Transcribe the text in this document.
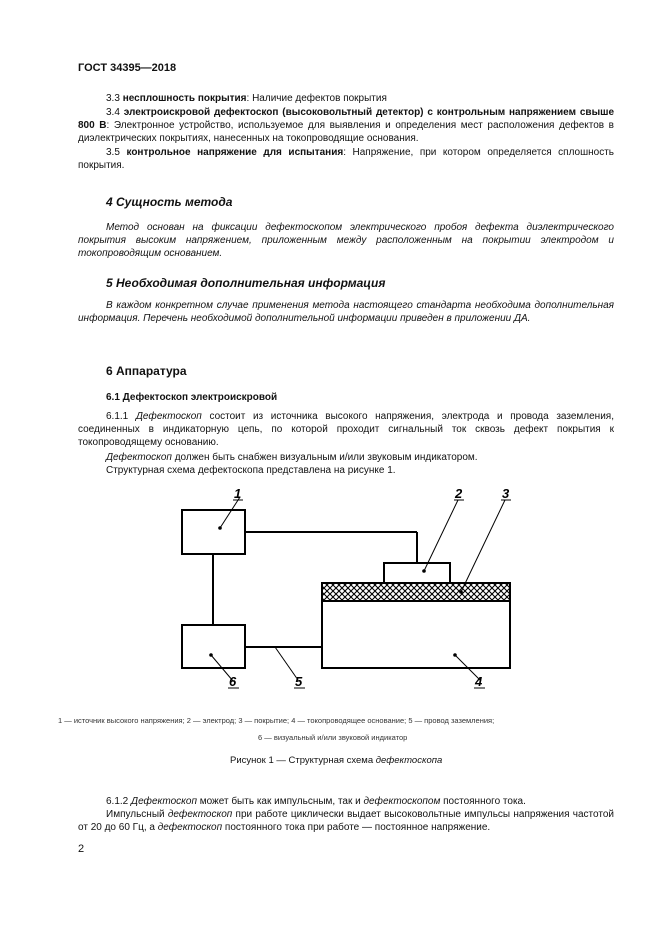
ГОСТ 34395—2018
3.3 несплошность покрытия: Наличие дефектов покрытия
3.4 электроискровой дефектоскоп (высоковольтный детектор) с контрольным напряжением свыше 800 В: Электронное устройство, используемое для выявления и определения мест расположения дефектов в диэлектрических покрытиях, нанесенных на токопроводящие основания.
3.5 контрольное напряжение для испытания: Напряжение, при котором определяется сплошность покрытия.
4 Сущность метода
Метод основан на фиксации дефектоскопом электрического пробоя дефекта диэлектрического покрытия высоким напряжением, приложенным между расположенным на покрытии электродом и токопроводящим основанием.
5 Необходимая дополнительная информация
В каждом конкретном случае применения метода настоящего стандарта необходима дополнительная информация. Перечень необходимой дополнительной информации приведен в приложении ДА.
6 Аппаратура
6.1 Дефектоскоп электроискровой
6.1.1 Дефектоскоп состоит из источника высокого напряжения, электрода и провода заземления, соединенных в индикаторную цепь, по которой проходит сигнальный ток сквозь дефект покрытия к токопроводящему основанию.
Дефектоскоп должен быть снабжен визуальным и/или звуковым индикатором.
Структурная схема дефектоскопа представлена на рисунке 1.
1	2	3
4
5
6
1 — источник высокого напряжения; 2 — электрод; 3 — покрытие; 4 — токопроводящее основание; 5 — провод заземления;
6 — визуальный и/или звуковой индикатор
Рисунок 1 — Структурная схема дефектоскопа
6.1.2 Дефектоскоп может быть как импульсным, так и дефектоскопом постоянного тока.
Импульсный дефектоскоп при работе циклически выдает высоковольтные импульсы напряжения частотой от 20 до 60 Гц, а дефектоскоп постоянного тока при работе — постоянное напряжение.
2
